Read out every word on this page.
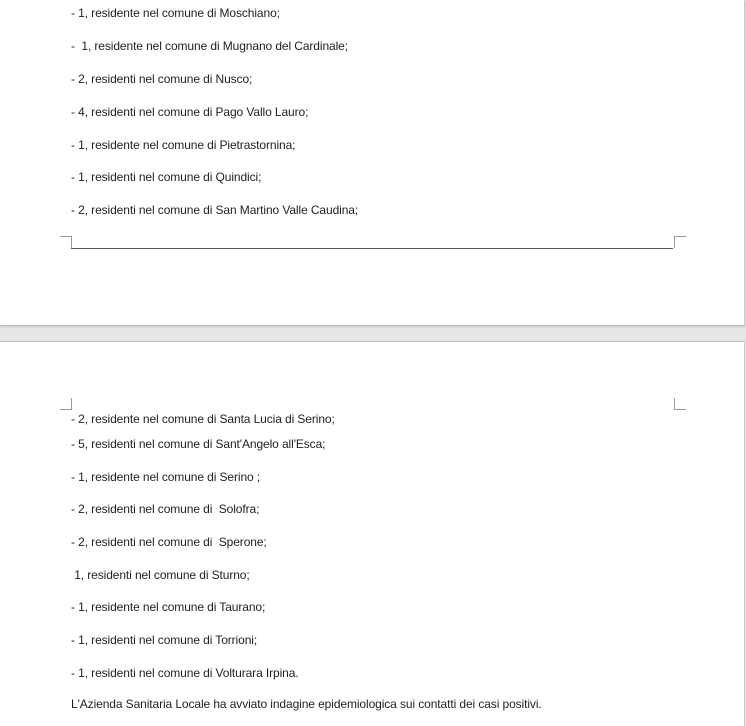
- 1, residente nel comune di Moschiano;

-  1, residente nel comune di Mugnano del Cardinale;

- 2, residenti nel comune di Nusco;

- 4, residenti nel comune di Pago Vallo Lauro;

- 1, residente nel comune di Pietrastornina;

- 1, residenti nel comune di Quindici;

- 2, residenti nel comune di San Martino Valle Caudina;

- 2, residente nel comune di Santa Lucia di Serino;

- 5, residenti nel comune di Sant'Angelo all'Esca;

- 1, residente nel comune di Serino ;

- 2, residenti nel comune di  Solofra;

- 2, residenti nel comune di  Sperone;

1, residenti nel comune di Sturno;

- 1, residente nel comune di Taurano;

- 1, residenti nel comune di Torrioni;

- 1, residenti nel comune di Volturara Irpina.

L'Azienda Sanitaria Locale ha avviato indagine epidemiologica sui contatti dei casi positivi.
